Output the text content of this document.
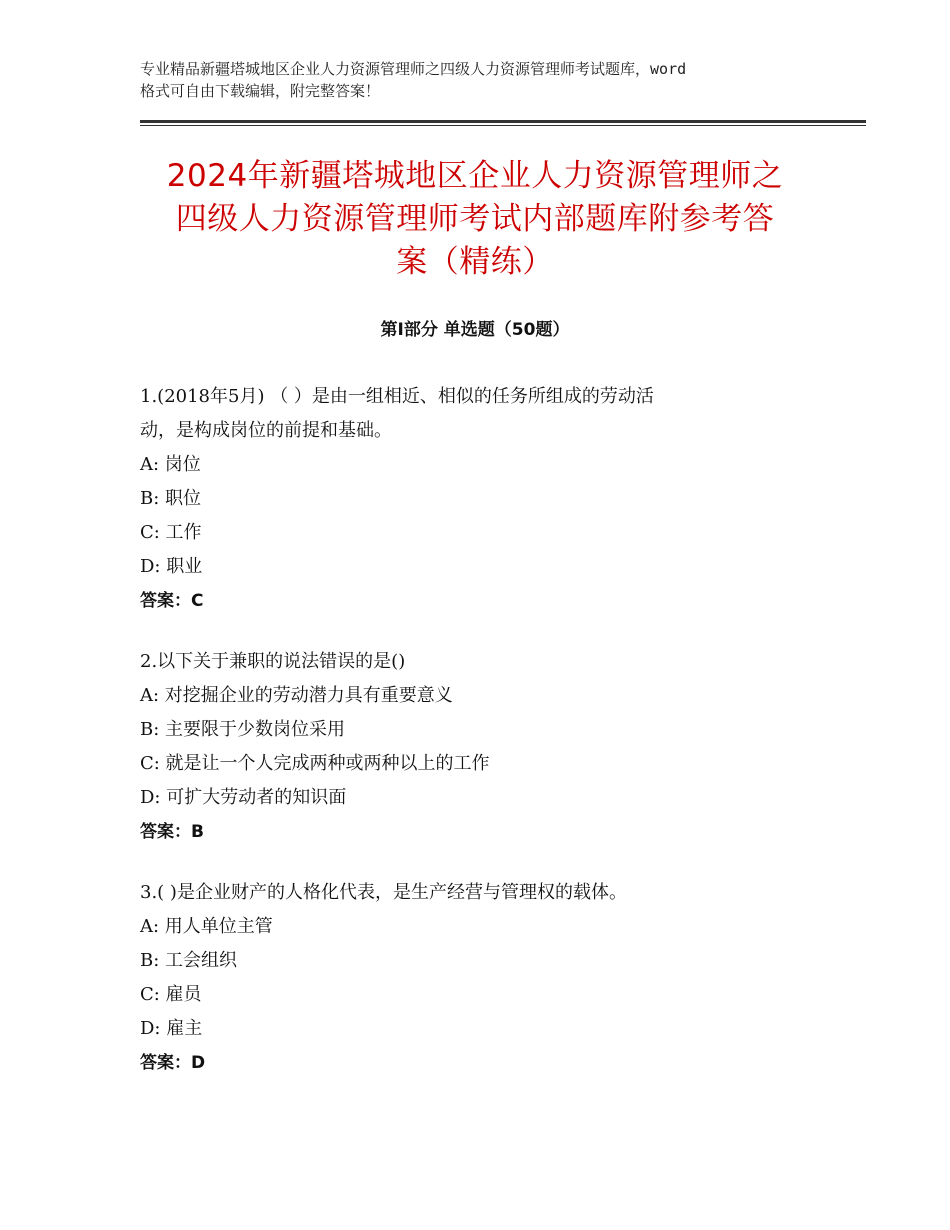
专业精品新疆塔城地区企业人力资源管理师之四级人力资源管理师考试题库，word
格式可自由下载编辑，附完整答案！
2024年新疆塔城地区企业人力资源管理师之
四级人力资源管理师考试内部题库附参考答
案（精练）
第Ⅰ部分 单选题（50题）
1.(2018年5月) （ ）是由一组相近、相似的任务所组成的劳动活
动，是构成岗位的前提和基础。
A: 岗位
B: 职位
C: 工作
D: 职业
答案：C
2.以下关于兼职的说法错误的是()
A: 对挖掘企业的劳动潜力具有重要意义
B: 主要限于少数岗位采用
C: 就是让一个人完成两种或两种以上的工作
D: 可扩大劳动者的知识面
答案：B
3.( )是企业财产的人格化代表，是生产经营与管理权的载体。
A: 用人单位主管
B: 工会组织
C: 雇员
D: 雇主
答案：D
